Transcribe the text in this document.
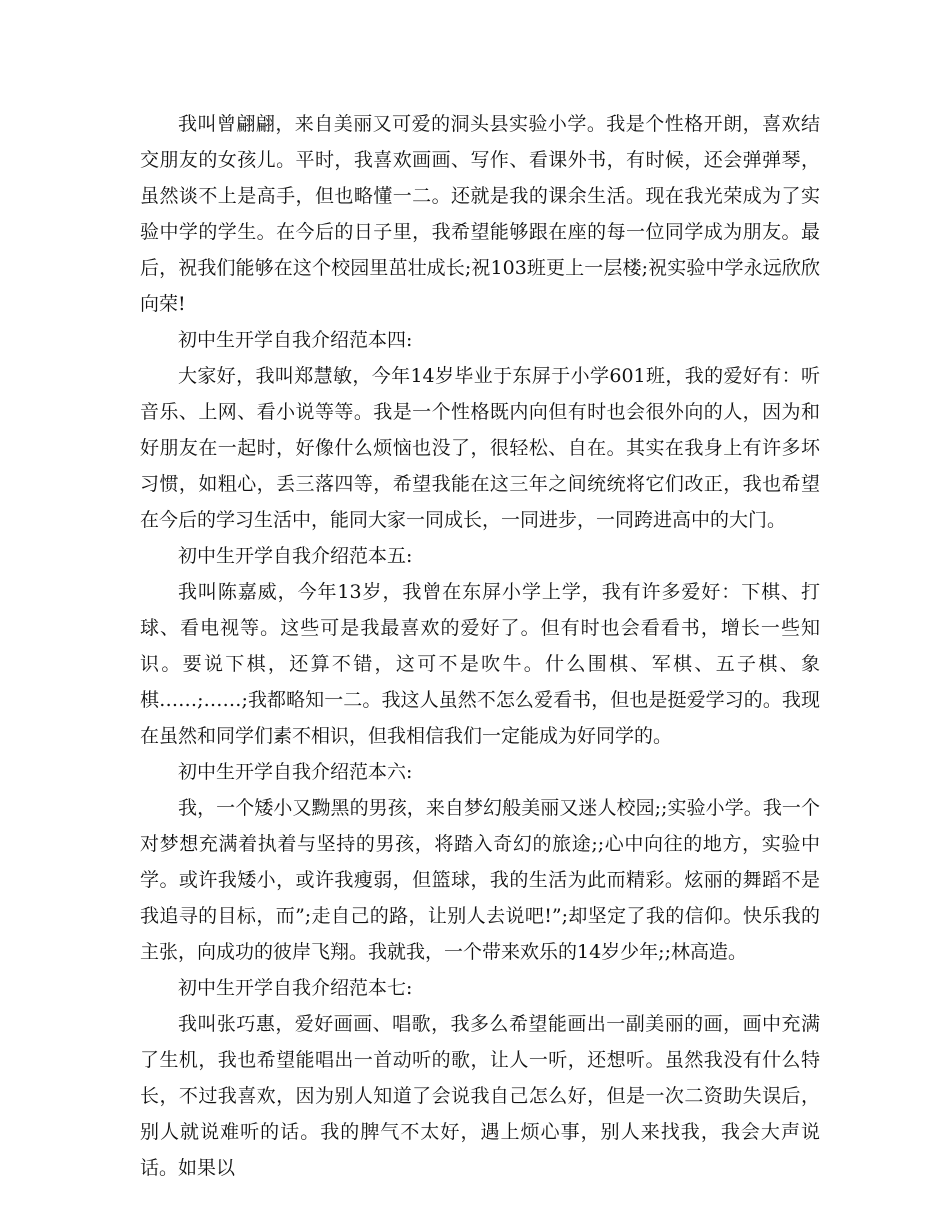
我叫曾翩翩，来自美丽又可爱的洞头县实验小学。我是个性格开朗，喜欢结交朋友的女孩儿。平时，我喜欢画画、写作、看课外书，有时候，还会弹弹琴，虽然谈不上是高手，但也略懂一二。还就是我的课余生活。现在我光荣成为了实验中学的学生。在今后的日子里，我希望能够跟在座的每一位同学成为朋友。最后，祝我们能够在这个校园里茁壮成长;祝103班更上一层楼;祝实验中学永远欣欣向荣!

初中生开学自我介绍范本四:

大家好，我叫郑慧敏，今年14岁毕业于东屏于小学601班，我的爱好有：听音乐、上网、看小说等等。我是一个性格既内向但有时也会很外向的人，因为和好朋友在一起时，好像什么烦恼也没了，很轻松、自在。其实在我身上有许多坏习惯，如粗心，丢三落四等，希望我能在这三年之间统统将它们改正，我也希望在今后的学习生活中，能同大家一同成长，一同进步，一同跨进高中的大门。

初中生开学自我介绍范本五:

我叫陈嘉威，今年13岁，我曾在东屏小学上学，我有许多爱好：下棋、打球、看电视等。这些可是我最喜欢的爱好了。但有时也会看看书，增长一些知识。要说下棋，还算不错，这可不是吹牛。什么围棋、军棋、五子棋、象棋……;……;我都略知一二。我这人虽然不怎么爱看书，但也是挺爱学习的。我现在虽然和同学们素不相识，但我相信我们一定能成为好同学的。

初中生开学自我介绍范本六:

我，一个矮小又黝黑的男孩，来自梦幻般美丽又迷人校园;;实验小学。我一个对梦想充满着执着与坚持的男孩，将踏入奇幻的旅途;;心中向往的地方，实验中学。或许我矮小，或许我瘦弱，但篮球，我的生活为此而精彩。炫丽的舞蹈不是我追寻的目标，而”;走自己的路，让别人去说吧!”;却坚定了我的信仰。快乐我的主张，向成功的彼岸飞翔。我就我，一个带来欢乐的14岁少年;;林高造。

初中生开学自我介绍范本七:

我叫张巧惠，爱好画画、唱歌，我多么希望能画出一副美丽的画，画中充满了生机，我也希望能唱出一首动听的歌，让人一听，还想听。虽然我没有什么特长，不过我喜欢，因为别人知道了会说我自己怎么好，但是一次二资助失误后，别人就说难听的话。我的脾气不太好，遇上烦心事，别人来找我，我会大声说话。如果以
